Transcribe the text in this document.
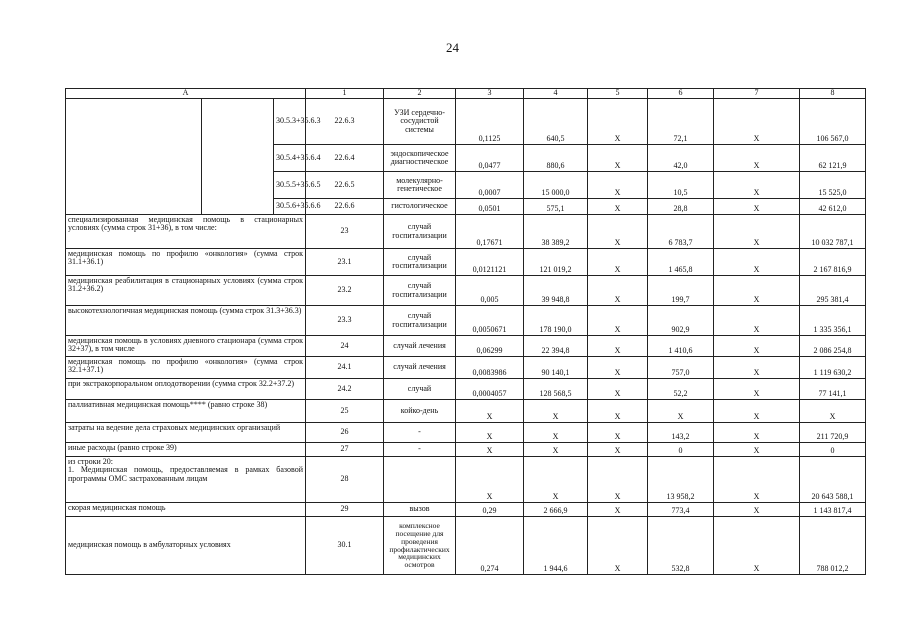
24
А			1	2	3	4	5	6	7	8	
		30.5.3+35.6.3	22.6.3	УЗИ сердечно-сосудистой системы	0,1125	640,5	Х	72,1	Х	106 567,0	
		30.5.4+35.6.4	22.6.4	эндоскопическое диагностическое	0,0477	880,6	Х	42,0	Х	62 121,9	
		30.5.5+35.6.5	22.6.5	молекулярно-генетическое	0,0007	15 000,0	Х	10,5	Х	15 525,0	
		30.5.6+35.6.6	22.6.6	гистологическое	0,0501	575,1	Х	28,8	Х	42 612,0	
специализированная медицинская помощь в стационарных условиях (сумма строк 31+36), в том числе:			23	случай госпитализации	0,17671	38 389,2	Х	6 783,7	Х	10 032 787,1	
медицинская помощь по профилю «онкология» (сумма строк 31.1+36.1)			23.1	случай госпитализации	0,0121121	121 019,2	Х	1 465,8	Х	2 167 816,9	
медицинская реабилитация в стационарных условиях (сумма строк 31.2+36.2)			23.2	случай госпитализации	0,005	39 948,8	Х	199,7	Х	295 381,4	
высокотехнологичная медицинская помощь (сумма строк 31.3+36.3)			23.3	случай госпитализации	0,0050671	178 190,0	Х	902,9	Х	1 335 356,1	
медицинская помощь в условиях дневного стационара (сумма строк 32+37), в том числе			24	случай лечения	0,06299	22 394,8	Х	1 410,6	Х	2 086 254,8	
медицинская помощь по профилю «онкология» (сумма строк 32.1+37.1)			24.1	случай лечения	0,0083986	90 140,1	Х	757,0	Х	1 119 630,2	
при экстракорпоральном оплодотворении (сумма строк 32.2+37.2)			24.2	случай	0,0004057	128 568,5	Х	52,2	Х	77 141,1	
паллиативная медицинская помощь**** (равно строке 38)			25	койко-день	Х	Х	Х	Х	Х	Х	
затраты на ведение дела страховых медицинских организаций			26	-	Х	Х	Х	143,2	Х	211 720,9	
иные расходы (равно строке 39)			27	-	Х	Х	Х	0	Х	0	
из строки 20:
1. Медицинская помощь, предоставляемая в рамках базовой программы ОМС застрахованным лицам			28		Х	Х	Х	13 958,2	Х	20 643 588,1	
скорая медицинская помощь			29	вызов	0,29	2 666,9	Х	773,4	Х	1 143 817,4	
медицинская помощь в амбулаторных условиях			30.1	комплексное посещение для проведения профилактических медицинских осмотров	0,274	1 944,6	Х	532,8	Х	788 012,2	
